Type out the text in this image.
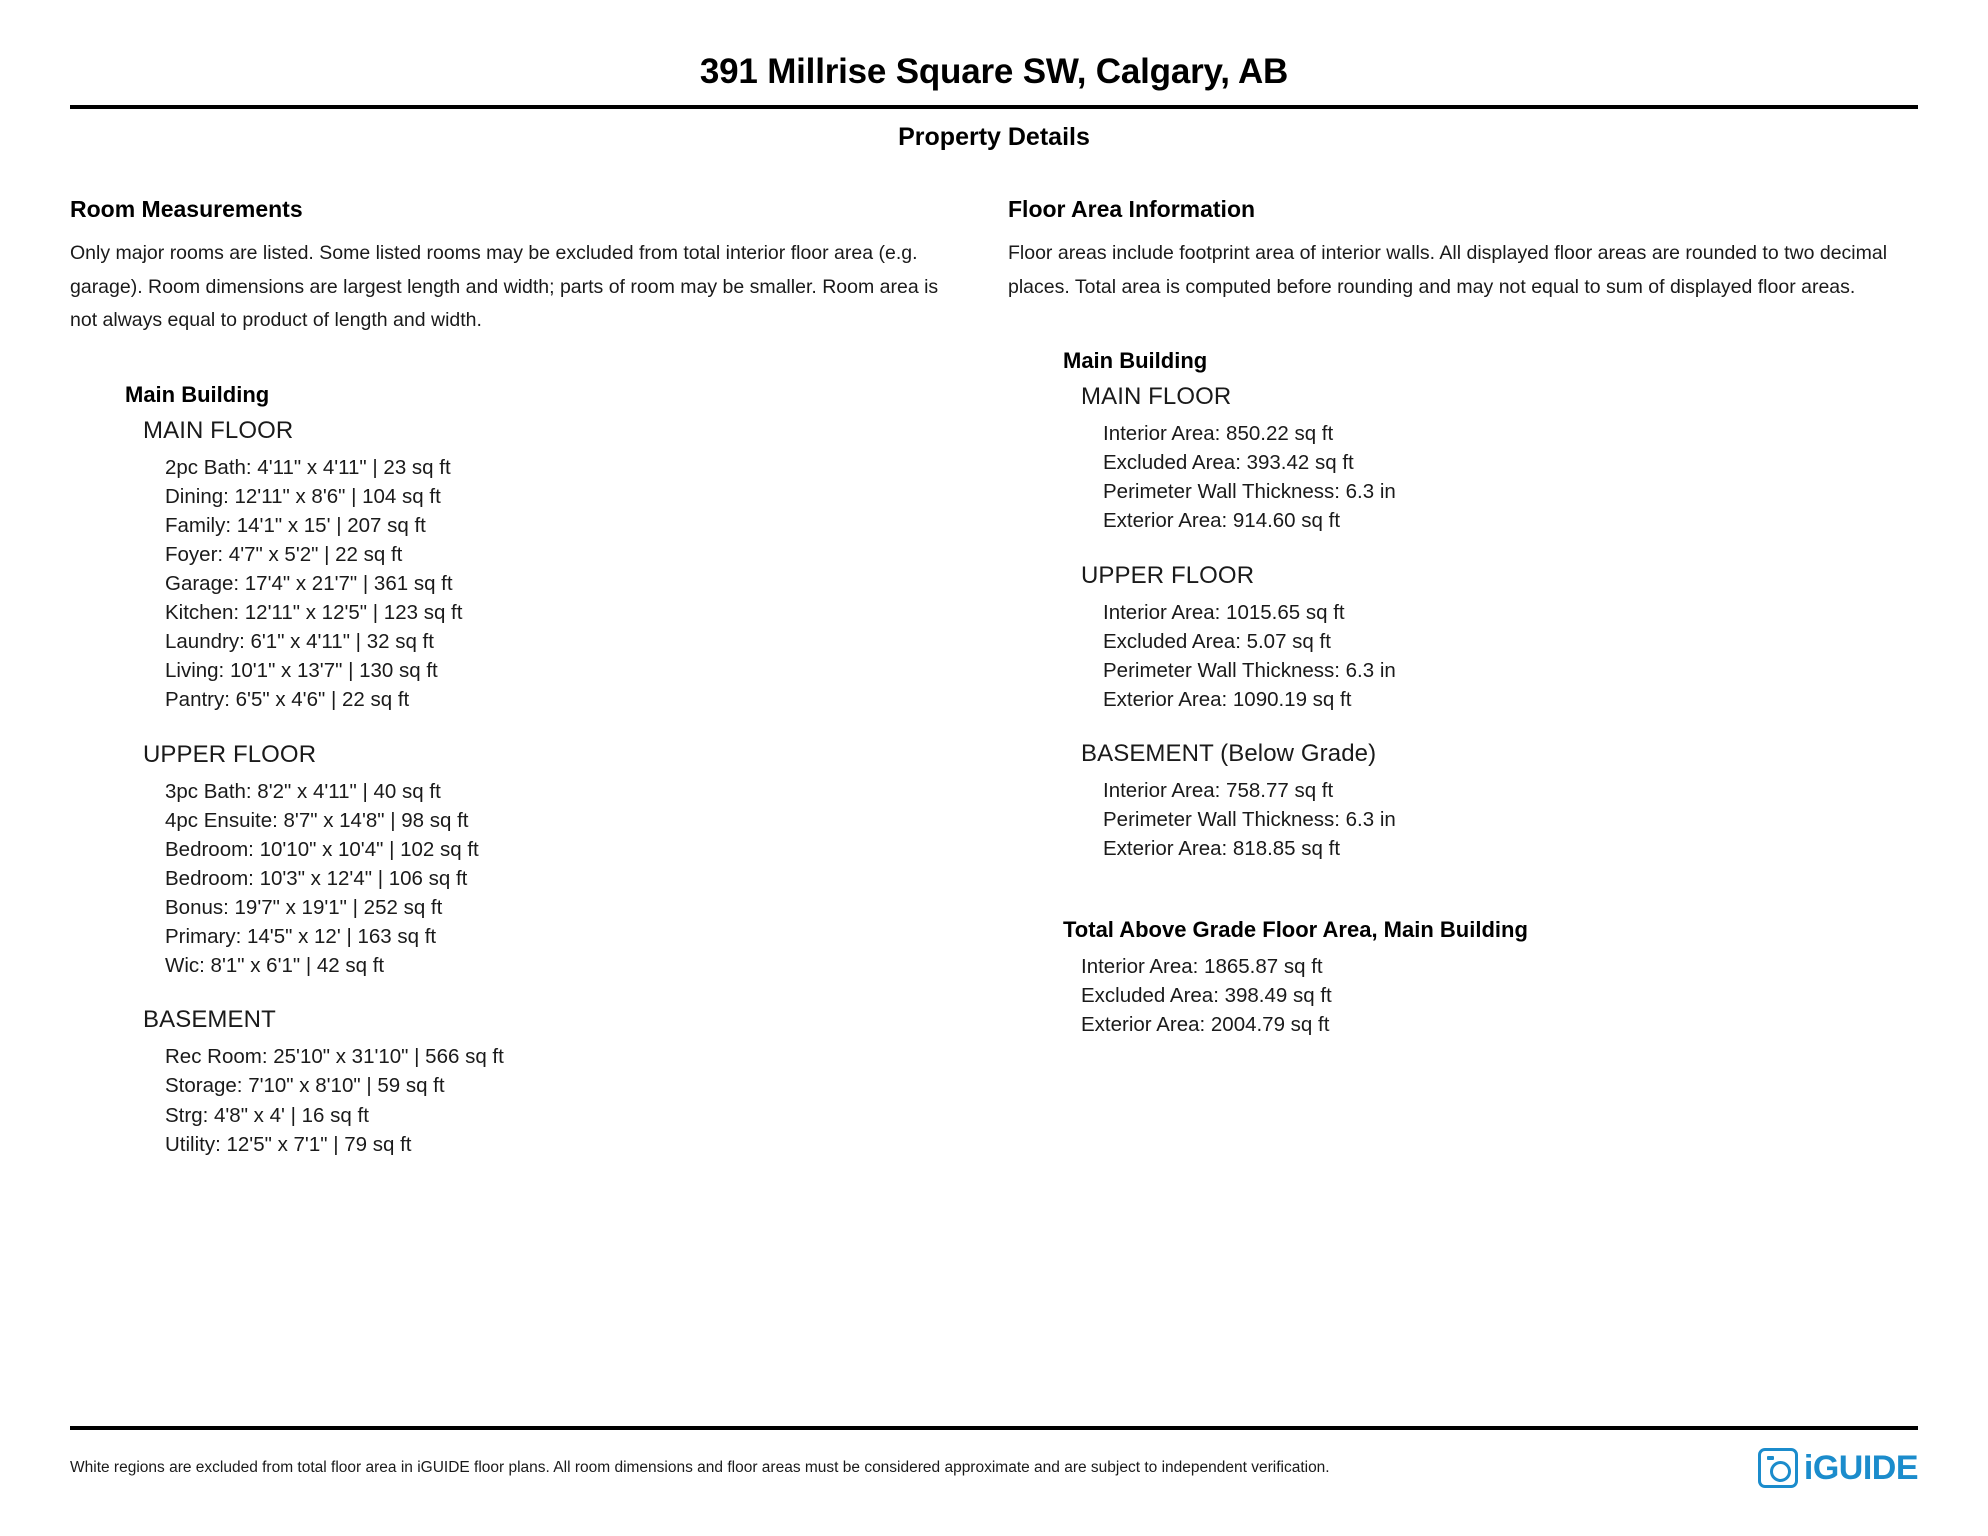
391 Millrise Square SW, Calgary, AB
Property Details
Room Measurements
Only major rooms are listed. Some listed rooms may be excluded from total interior floor area (e.g. garage). Room dimensions are largest length and width; parts of room may be smaller. Room area is not always equal to product of length and width.
Main Building
MAIN FLOOR
2pc Bath: 4'11" x 4'11" | 23 sq ft
Dining: 12'11" x 8'6" | 104 sq ft
Family: 14'1" x 15' | 207 sq ft
Foyer: 4'7" x 5'2" | 22 sq ft
Garage: 17'4" x 21'7" | 361 sq ft
Kitchen: 12'11" x 12'5" | 123 sq ft
Laundry: 6'1" x 4'11" | 32 sq ft
Living: 10'1" x 13'7" | 130 sq ft
Pantry: 6'5" x 4'6" | 22 sq ft
UPPER FLOOR
3pc Bath: 8'2" x 4'11" | 40 sq ft
4pc Ensuite: 8'7" x 14'8" | 98 sq ft
Bedroom: 10'10" x 10'4" | 102 sq ft
Bedroom: 10'3" x 12'4" | 106 sq ft
Bonus: 19'7" x 19'1" | 252 sq ft
Primary: 14'5" x 12' | 163 sq ft
Wic: 8'1" x 6'1" | 42 sq ft
BASEMENT
Rec Room: 25'10" x 31'10" | 566 sq ft
Storage: 7'10" x 8'10" | 59 sq ft
Strg: 4'8" x 4' | 16 sq ft
Utility: 12'5" x 7'1" | 79 sq ft
Floor Area Information
Floor areas include footprint area of interior walls. All displayed floor areas are rounded to two decimal places. Total area is computed before rounding and may not equal to sum of displayed floor areas.
Main Building
MAIN FLOOR
Interior Area: 850.22 sq ft
Excluded Area: 393.42 sq ft
Perimeter Wall Thickness: 6.3 in
Exterior Area: 914.60 sq ft
UPPER FLOOR
Interior Area: 1015.65 sq ft
Excluded Area: 5.07 sq ft
Perimeter Wall Thickness: 6.3 in
Exterior Area: 1090.19 sq ft
BASEMENT (Below Grade)
Interior Area: 758.77 sq ft
Perimeter Wall Thickness: 6.3 in
Exterior Area: 818.85 sq ft
Total Above Grade Floor Area, Main Building
Interior Area: 1865.87 sq ft
Excluded Area: 398.49 sq ft
Exterior Area: 2004.79 sq ft
White regions are excluded from total floor area in iGUIDE floor plans. All room dimensions and floor areas must be considered approximate and are subject to independent verification.	iGUIDE
